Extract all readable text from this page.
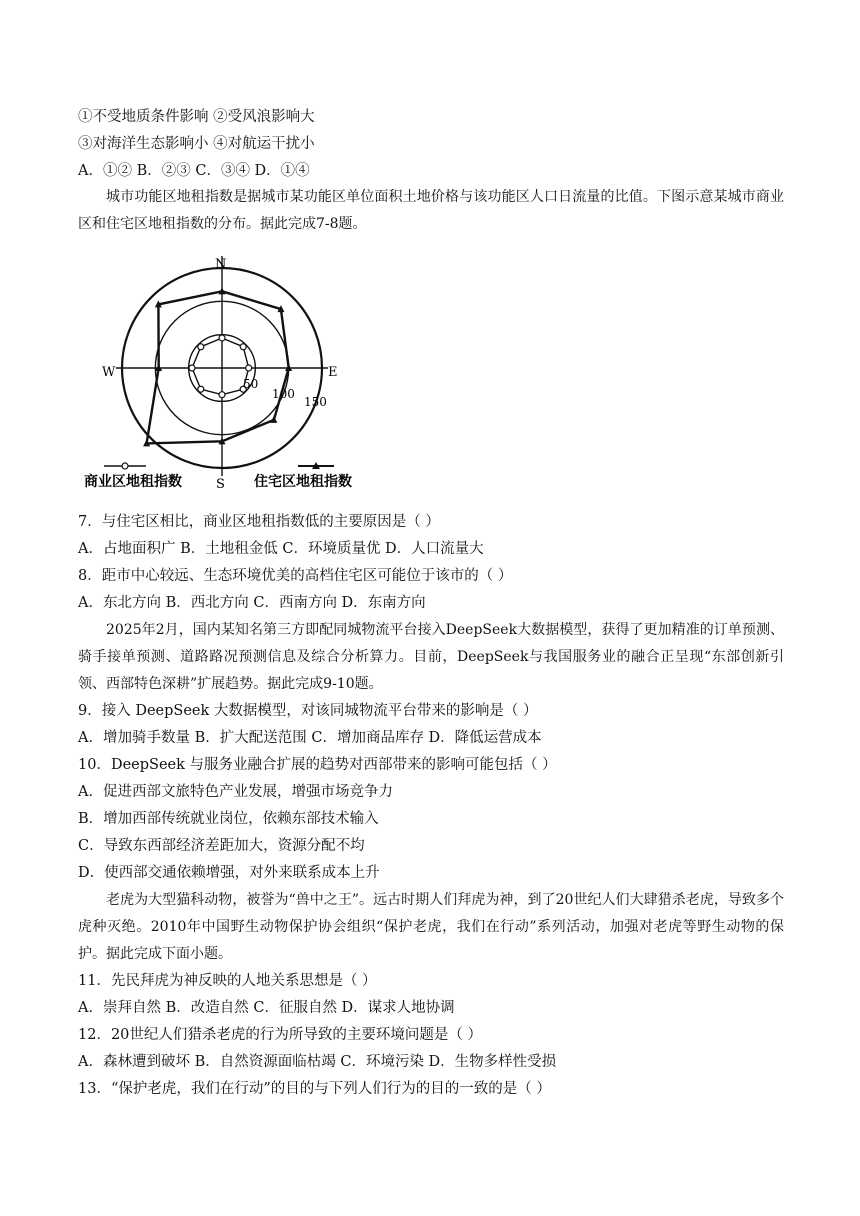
①不受地质条件影响 ②受风浪影响大
③对海洋生态影响小 ④对航运干扰小
A．①② B．②③ C．③④ D．①④
城市功能区地租指数是据城市某功能区单位面积土地价格与该功能区人口日流量的比值。下图示意某城市商业区和住宅区地租指数的分布。据此完成7-8题。
N
S
E
W
50
100
150
商业区地租指数	住宅区地租指数
7．与住宅区相比，商业区地租指数低的主要原因是（ ）
A．占地面积广 B．土地租金低 C．环境质量优 D．人口流量大
8．距市中心较远、生态环境优美的高档住宅区可能位于该市的（ ）
A．东北方向 B．西北方向 C．西南方向 D．东南方向
2025年2月，国内某知名第三方即配同城物流平台接入DeepSeek大数据模型，获得了更加精准的订单预测、骑手接单预测、道路路况预测信息及综合分析算力。目前，DeepSeek与我国服务业的融合正呈现“东部创新引领、西部特色深耕”扩展趋势。据此完成9-10题。
9．接入 DeepSeek 大数据模型，对该同城物流平台带来的影响是（ ）
A．增加骑手数量 B．扩大配送范围 C．增加商品库存 D．降低运营成本
10．DeepSeek 与服务业融合扩展的趋势对西部带来的影响可能包括（ ）
A．促进西部文旅特色产业发展，增强市场竞争力
B．增加西部传统就业岗位，依赖东部技术输入
C．导致东西部经济差距加大，资源分配不均
D．使西部交通依赖增强，对外来联系成本上升
老虎为大型猫科动物，被誉为“兽中之王”。远古时期人们拜虎为神，到了20世纪人们大肆猎杀老虎，导致多个虎种灭绝。2010年中国野生动物保护协会组织“保护老虎，我们在行动”系列活动，加强对老虎等野生动物的保护。据此完成下面小题。
11．先民拜虎为神反映的人地关系思想是（ ）
A．崇拜自然 B．改造自然 C．征服自然 D．谋求人地协调
12．20世纪人们猎杀老虎的行为所导致的主要环境问题是（ ）
A．森林遭到破坏 B．自然资源面临枯竭 C．环境污染 D．生物多样性受损
13．“保护老虎，我们在行动”的目的与下列人们行为的目的一致的是（ ）
